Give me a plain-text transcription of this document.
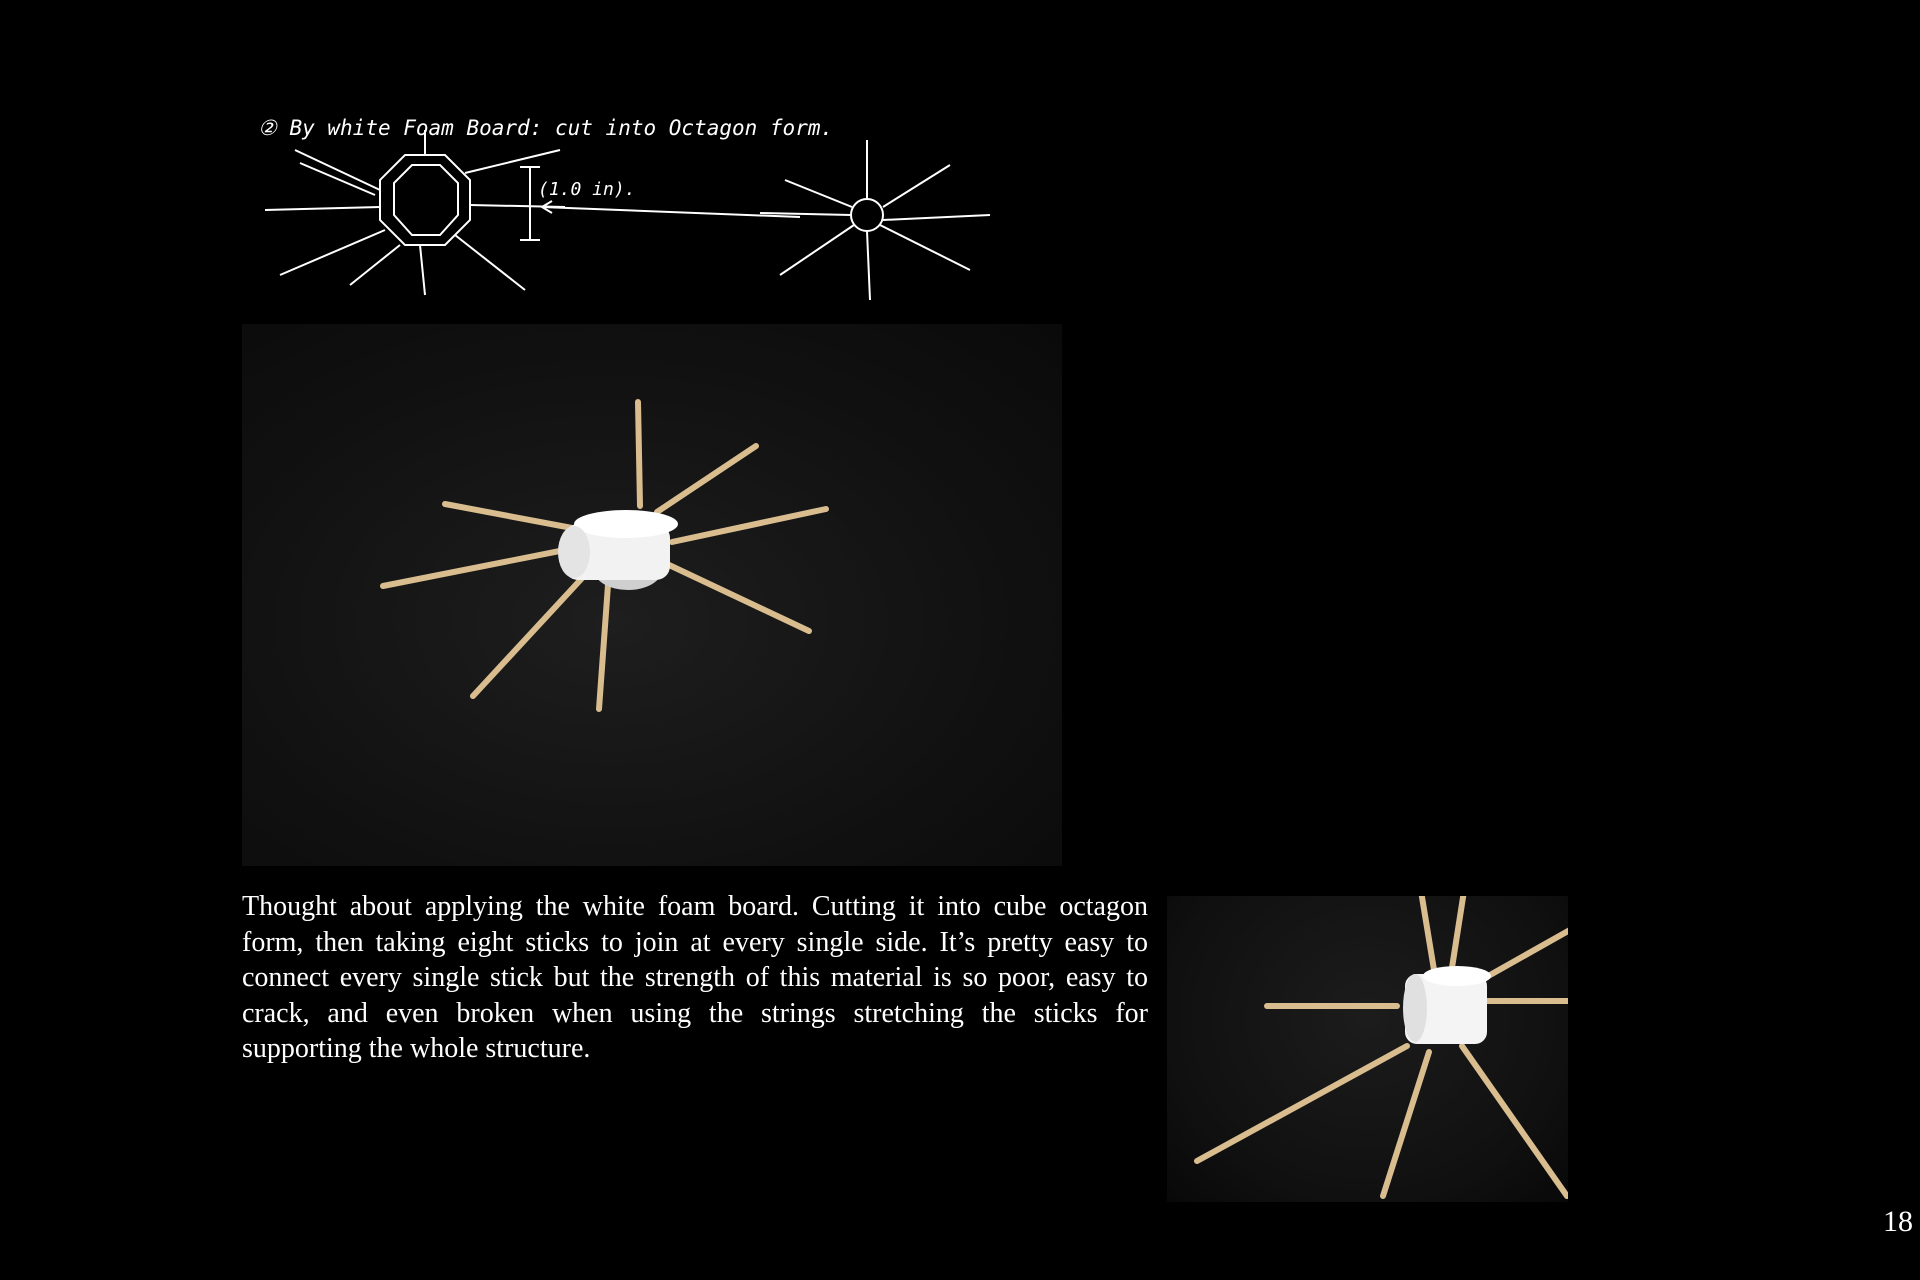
② By white Foam Board: cut into Octagon form.
(1.0 in).
Thought about applying the white foam board. Cutting it into cube octagon form, then taking eight sticks to join at every single side. It’s pretty easy to connect every single stick but the strength of this material is so poor, easy to crack, and even broken when using the strings stretching the sticks for supporting the whole structure.
18
